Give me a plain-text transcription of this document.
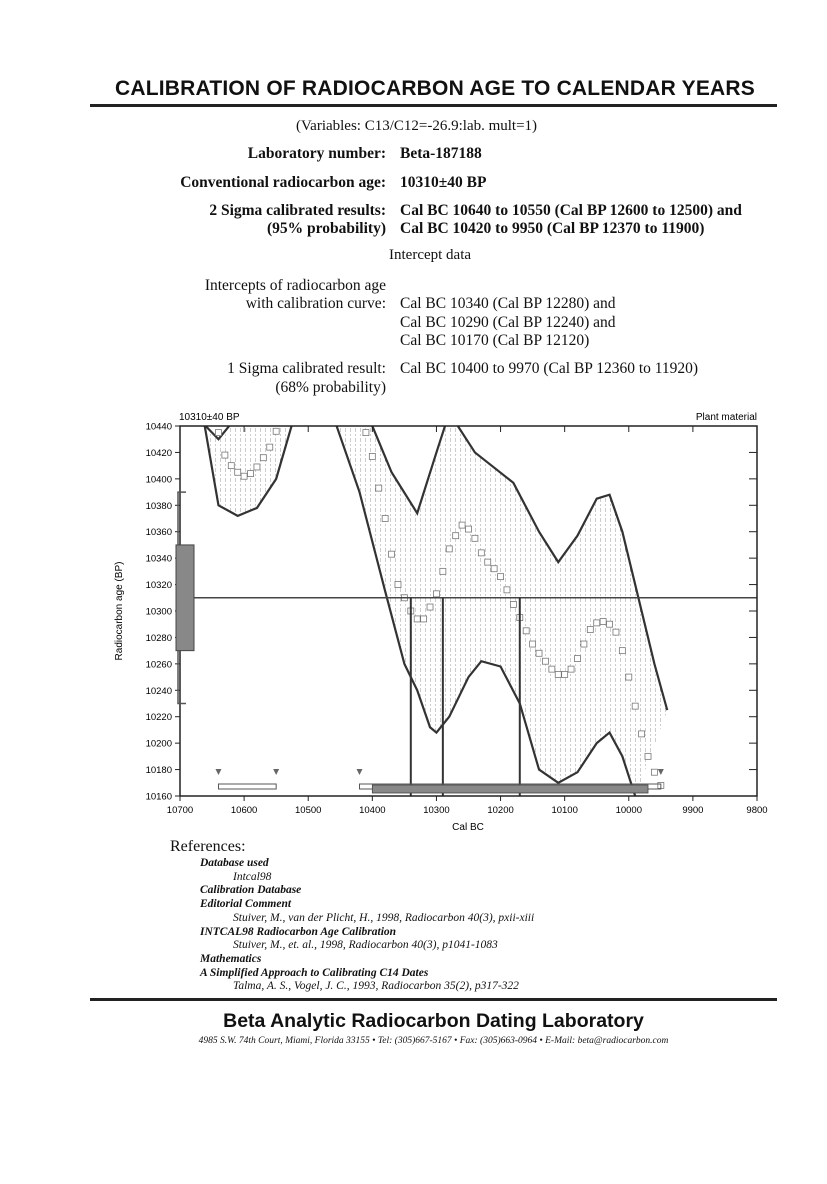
CALIBRATION OF RADIOCARBON AGE TO CALENDAR YEARS
(Variables: C13/C12=-26.9:lab. mult=1)
Laboratory number: Beta-187188
Conventional radiocarbon age: 10310±40 BP
2 Sigma calibrated results:
(95% probability)
Cal BC 10640 to 10550 (Cal BP 12600 to 12500) and
Cal BC 10420 to 9950 (Cal BP 12370 to 11900)
Intercept data
Intercepts of radiocarbon age
with calibration curve: Cal BC 10340 (Cal BP 12280) and
Cal BC 10290 (Cal BP 12240) and
Cal BC 10170 (Cal BP 12120)
1 Sigma calibrated result:
(68% probability)
Cal BC 10400 to 9970 (Cal BP 12360 to 11920)
10310±40 BP	Plant material
Cal BC
Radiocarbon age (BP)
10700	10600	10500	10400	10300	10200	10100	10000	9900	9800
10440
10420
10400
10380
10360
10340
10320
10300
10280
10260
10240
10220
10200
10180
10160
References:
Database used
Intcal98
Calibration Database
Editorial Comment
Stuiver, M., van der Plicht, H., 1998, Radiocarbon 40(3), pxii-xiii
INTCAL98 Radiocarbon Age Calibration
Stuiver, M., et. al., 1998, Radiocarbon 40(3), p1041-1083
Mathematics
A Simplified Approach to Calibrating C14 Dates
Talma, A. S., Vogel, J. C., 1993, Radiocarbon 35(2), p317-322
Beta Analytic Radiocarbon Dating Laboratory
4985 S.W. 74th Court, Miami, Florida 33155 • Tel: (305)667-5167 • Fax: (305)663-0964 • E-Mail: beta@radiocarbon.com
